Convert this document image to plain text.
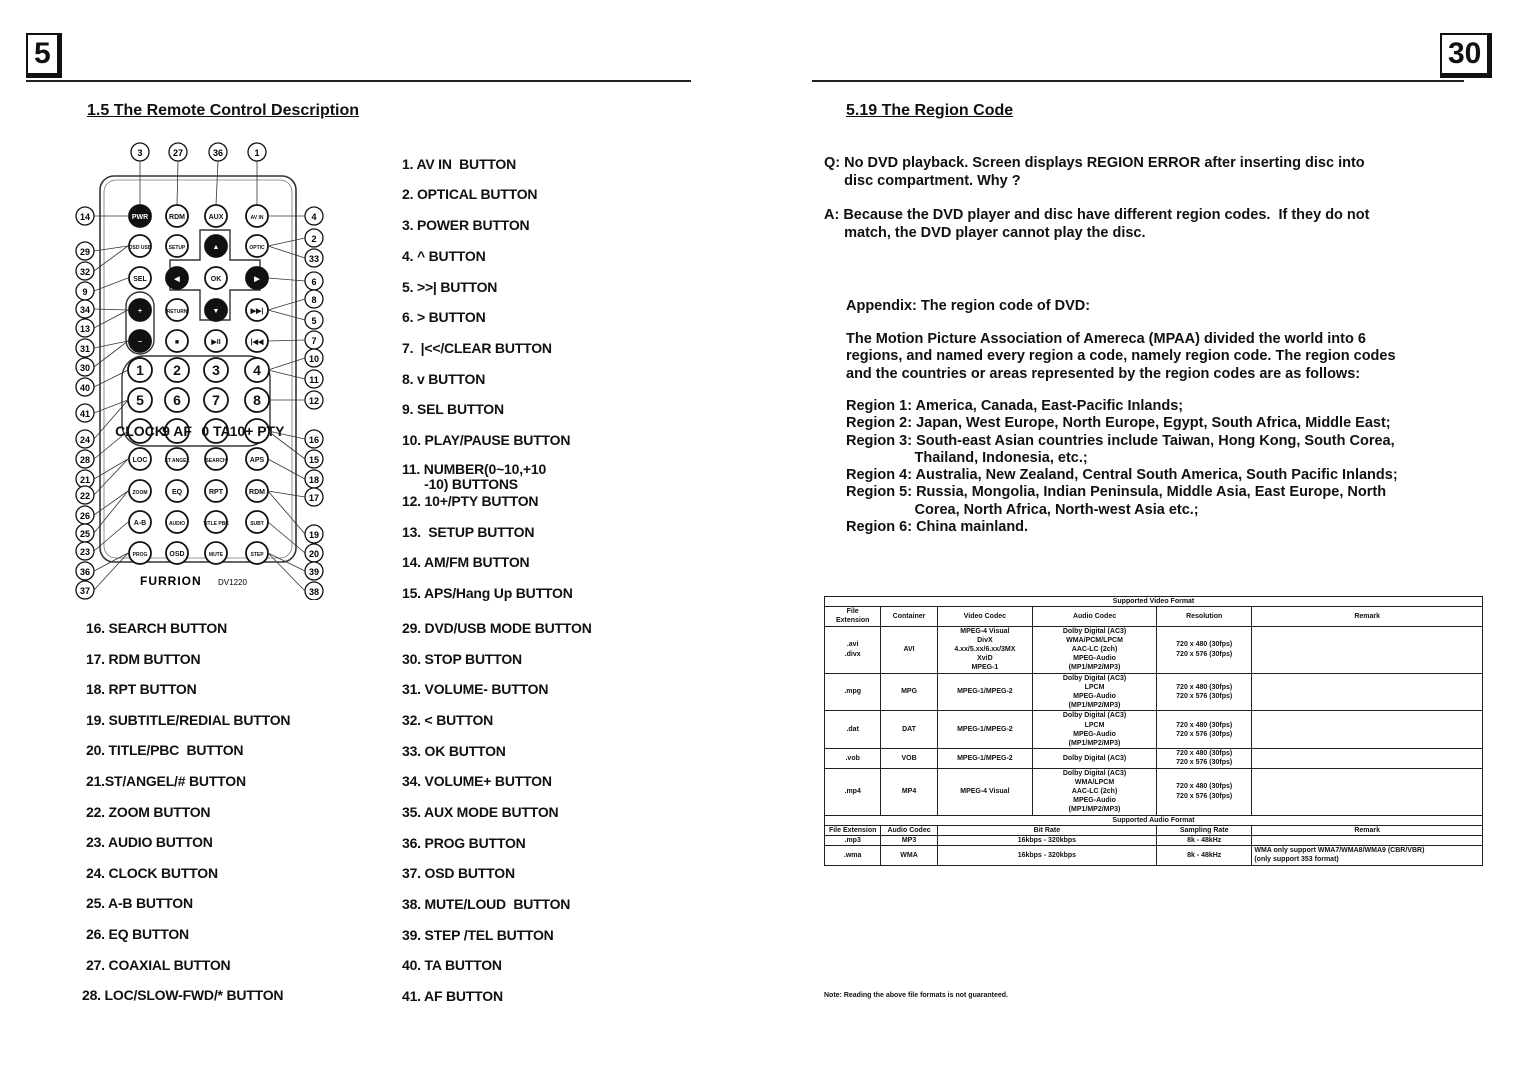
5
1.5 The Remote Control Description
PWR	RDM	AUX	AV IN
OSD USB	SETUP	▲	OPTIC
SEL	◀	OK	▶
+	RETURN	▼	▶▶|
−	■	▶II	|◀◀
1 2 3 4
5 6 7 8
CLOCK
9 AF 0 TA
10+ PTY
LOC	ST ANGEL	SEARCH	APS
ZOOM	EQ	RPT	RDM
A-B	AUDIO	TITLE PBC	SUBT
PROG	OSD	MUTE	STEP
3	27	36	1
14
29
32
9
34
13
31
30
40
41
24
28
21
22
26
25
23
36
37
4
2
33
6
8
5
7
10
11
12
16
15
18
17
19
20
39
38
FURRION DV1220
1. AV IN  BUTTON
2. OPTICAL BUTTON
3. POWER BUTTON
4. ^ BUTTON
5. >>| BUTTON
6. > BUTTON
7.  |<</CLEAR BUTTON
8. v BUTTON
9. SEL BUTTON
10. PLAY/PAUSE BUTTON
11. NUMBER(0~10,+10
-10) BUTTONS
12. 10+/PTY BUTTON
13.  SETUP BUTTON
14. AM/FM BUTTON
15. APS/Hang Up BUTTON
29. DVD/USB MODE BUTTON
30. STOP BUTTON
31. VOLUME- BUTTON
32. < BUTTON
33. OK BUTTON
34. VOLUME+ BUTTON
35. AUX MODE BUTTON
36. PROG BUTTON
37. OSD BUTTON
38. MUTE/LOUD  BUTTON
39. STEP /TEL BUTTON
40. TA BUTTON
41. AF BUTTON
16. SEARCH BUTTON
17. RDM BUTTON
18. RPT BUTTON
19. SUBTITLE/REDIAL BUTTON
20. TITLE/PBC  BUTTON
21.ST/ANGEL/# BUTTON
22. ZOOM BUTTON
23. AUDIO BUTTON
24. CLOCK BUTTON
25. A-B BUTTON
26. EQ BUTTON
27. COAXIAL BUTTON
28. LOC/SLOW-FWD/* BUTTON
30
5.19 The Region Code
Q: No DVD playback. Screen displays REGION ERROR after inserting disc into
disc compartment. Why ?
A: Because the DVD player and disc have different region codes.  If they do not
match, the DVD player cannot play the disc.
Appendix: The region code of DVD:
The Motion Picture Association of Amereca (MPAA) divided the world into 6
regions, and named every region a code, namely region code. The region codes
and the countries or areas represented by the region codes are as follows:
Region 1: America, Canada, East-Pacific Inlands;
Region 2: Japan, West Europe, North Europe, Egypt, South Africa, Middle East;
Region 3: South-east Asian countries include Taiwan, Hong Kong, South Corea,
Thailand, Indonesia, etc.;
Region 4: Australia, New Zealand, Central South America, South Pacific Inlands;
Region 5: Russia, Mongolia, Indian Peninsula, Middle Asia, East Europe, North
Corea, North Africa, North-west Asia etc.;
Region 6: China mainland.
Supported Video Format					
File
Extension	Container	Video Codec	Audio Codec	Resolution	Remark
.avi
.divx	AVI	MPEG-4 Visual
DivX
4.xx/5.xx/6.xx/3MX
XviD
MPEG-1	Dolby Digital (AC3)
WMA/PCM/LPCM
AAC-LC (2ch)
MPEG-Audio
(MP1/MP2/MP3)	720 x 480 (30fps)
720 x 576 (30fps)	
.mpg	MPG	MPEG-1/MPEG-2	Dolby Digital (AC3)
LPCM
MPEG-Audio
(MP1/MP2/MP3)	720 x 480 (30fps)
720 x 576 (30fps)	
.dat	DAT	MPEG-1/MPEG-2	Dolby Digital (AC3)
LPCM
MPEG-Audio
(MP1/MP2/MP3)	720 x 480 (30fps)
720 x 576 (30fps)	
.vob	VOB	MPEG-1/MPEG-2	Dolby Digital (AC3)	720 x 480 (30fps)
720 x 576 (30fps)	
.mp4	MP4	MPEG-4 Visual	Dolby Digital (AC3)
WMA/LPCM
AAC-LC (2ch)
MPEG-Audio
(MP1/MP2/MP3)	720 x 480 (30fps)
720 x 576 (30fps)	
Supported Audio Format					
File Extension	Audio Codec	Bit Rate		Sampling Rate	Remark
.mp3	MP3	16kbps - 320kbps		8k - 48kHz	
.wma	WMA	16kbps - 320kbps		8k - 48kHz	WMA only support WMA7/WMA8/WMA9 (CBR/VBR)
(only support 353 format)
Note: Reading the above file formats is not guaranteed.
